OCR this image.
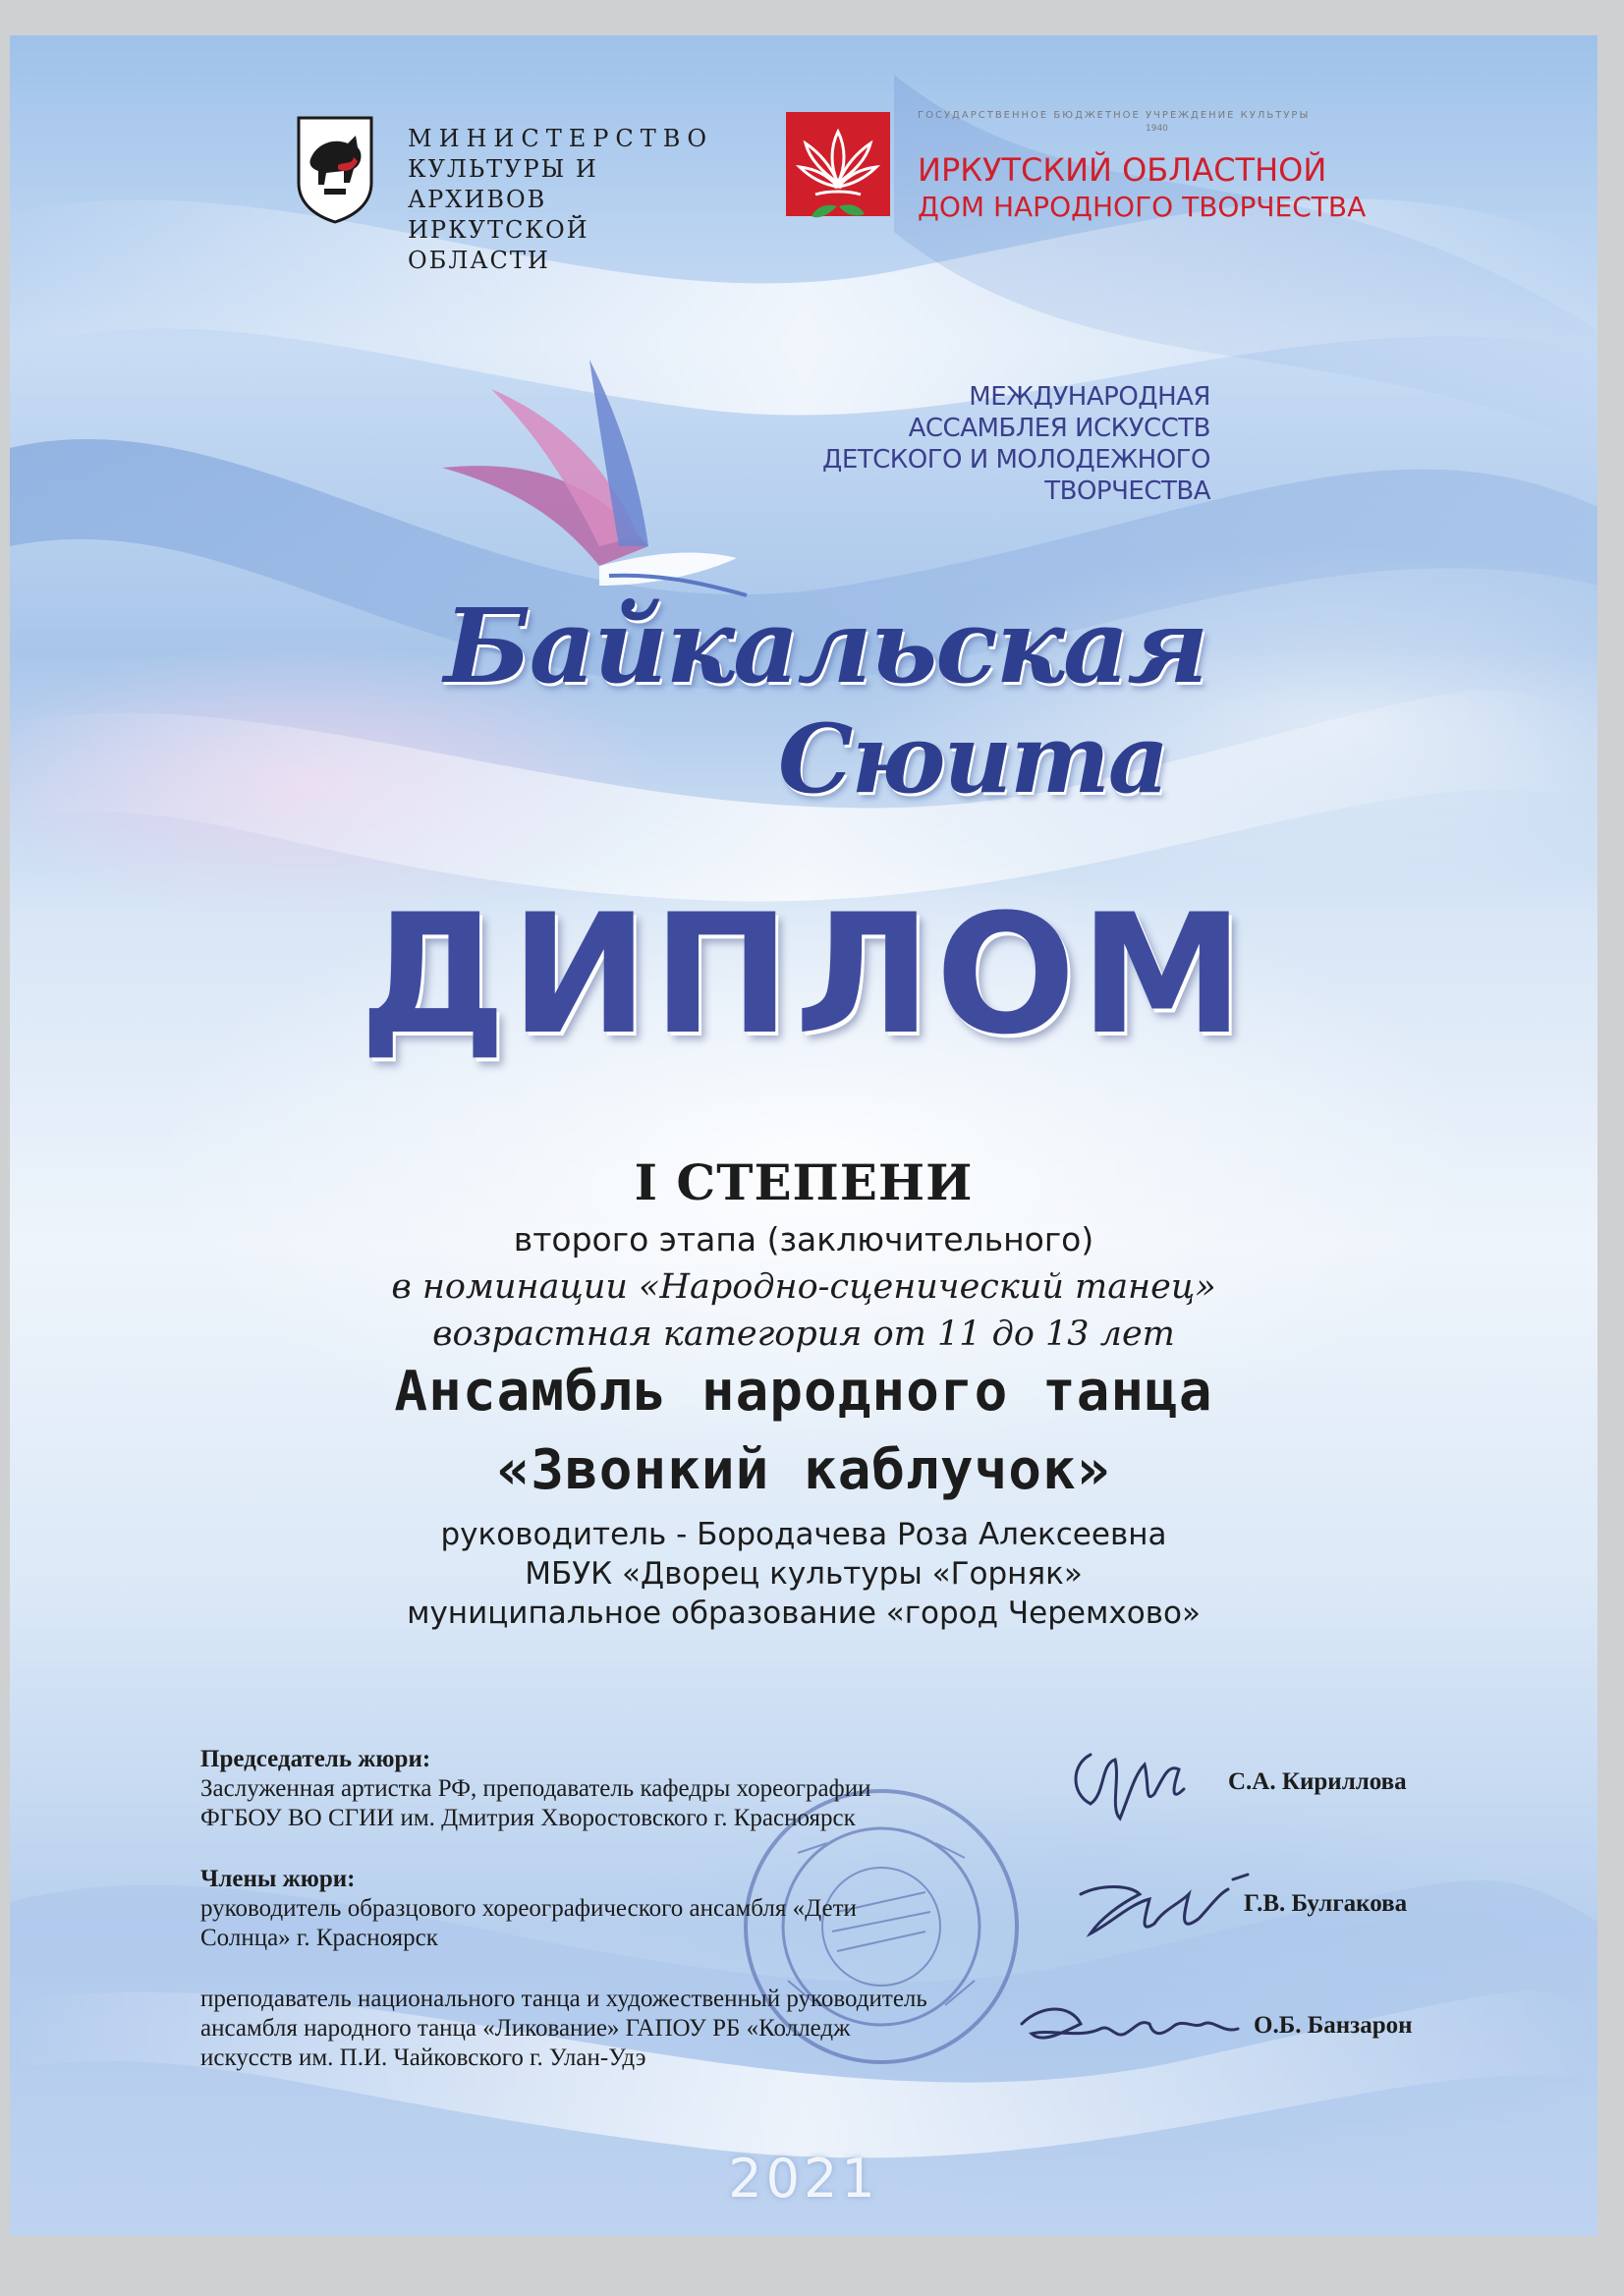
МИНИСТЕРСТВО
КУЛЬТУРЫ И АРХИВОВ
ИРКУТСКОЙ ОБЛАСТИ
ГОСУДАРСТВЕННОЕ БЮДЖЕТНОЕ УЧРЕЖДЕНИЕ КУЛЬТУРЫ
1940
ИРКУТСКИЙ ОБЛАСТНОЙ
ДОМ НАРОДНОГО ТВОРЧЕСТВА
МЕЖДУНАРОДНАЯ
АССАМБЛЕЯ ИСКУССТВ
ДЕТСКОГО И МОЛОДЕЖНОГО
ТВОРЧЕСТВА
Байкальская
Сюита
ДИПЛОМ
I СТЕПЕНИ
второго этапа (заключительного)
в номинации «Народно-сценический танец»
возрастная категория от 11 до 13 лет
Ансамбль народного танца
«Звонкий каблучок»
руководитель - Бородачева Роза Алексеевна
МБУК «Дворец культуры «Горняк»
муниципальное образование «город Черемхово»
Председатель жюри:
Заслуженная артистка РФ, преподаватель кафедры хореографии
ФГБОУ ВО СГИИ им. Дмитрия Хворостовского г. Красноярск
Члены жюри:
руководитель образцового хореографического ансамбля «Дети
Солнца» г. Красноярск
преподаватель национального танца и художественный руководитель
ансамбля народного танца «Ликование» ГАПОУ РБ «Колледж
искусств им. П.И. Чайковского г. Улан-Удэ
С.А. Кириллова
Г.В. Булгакова
О.Б. Банзарон
2021
